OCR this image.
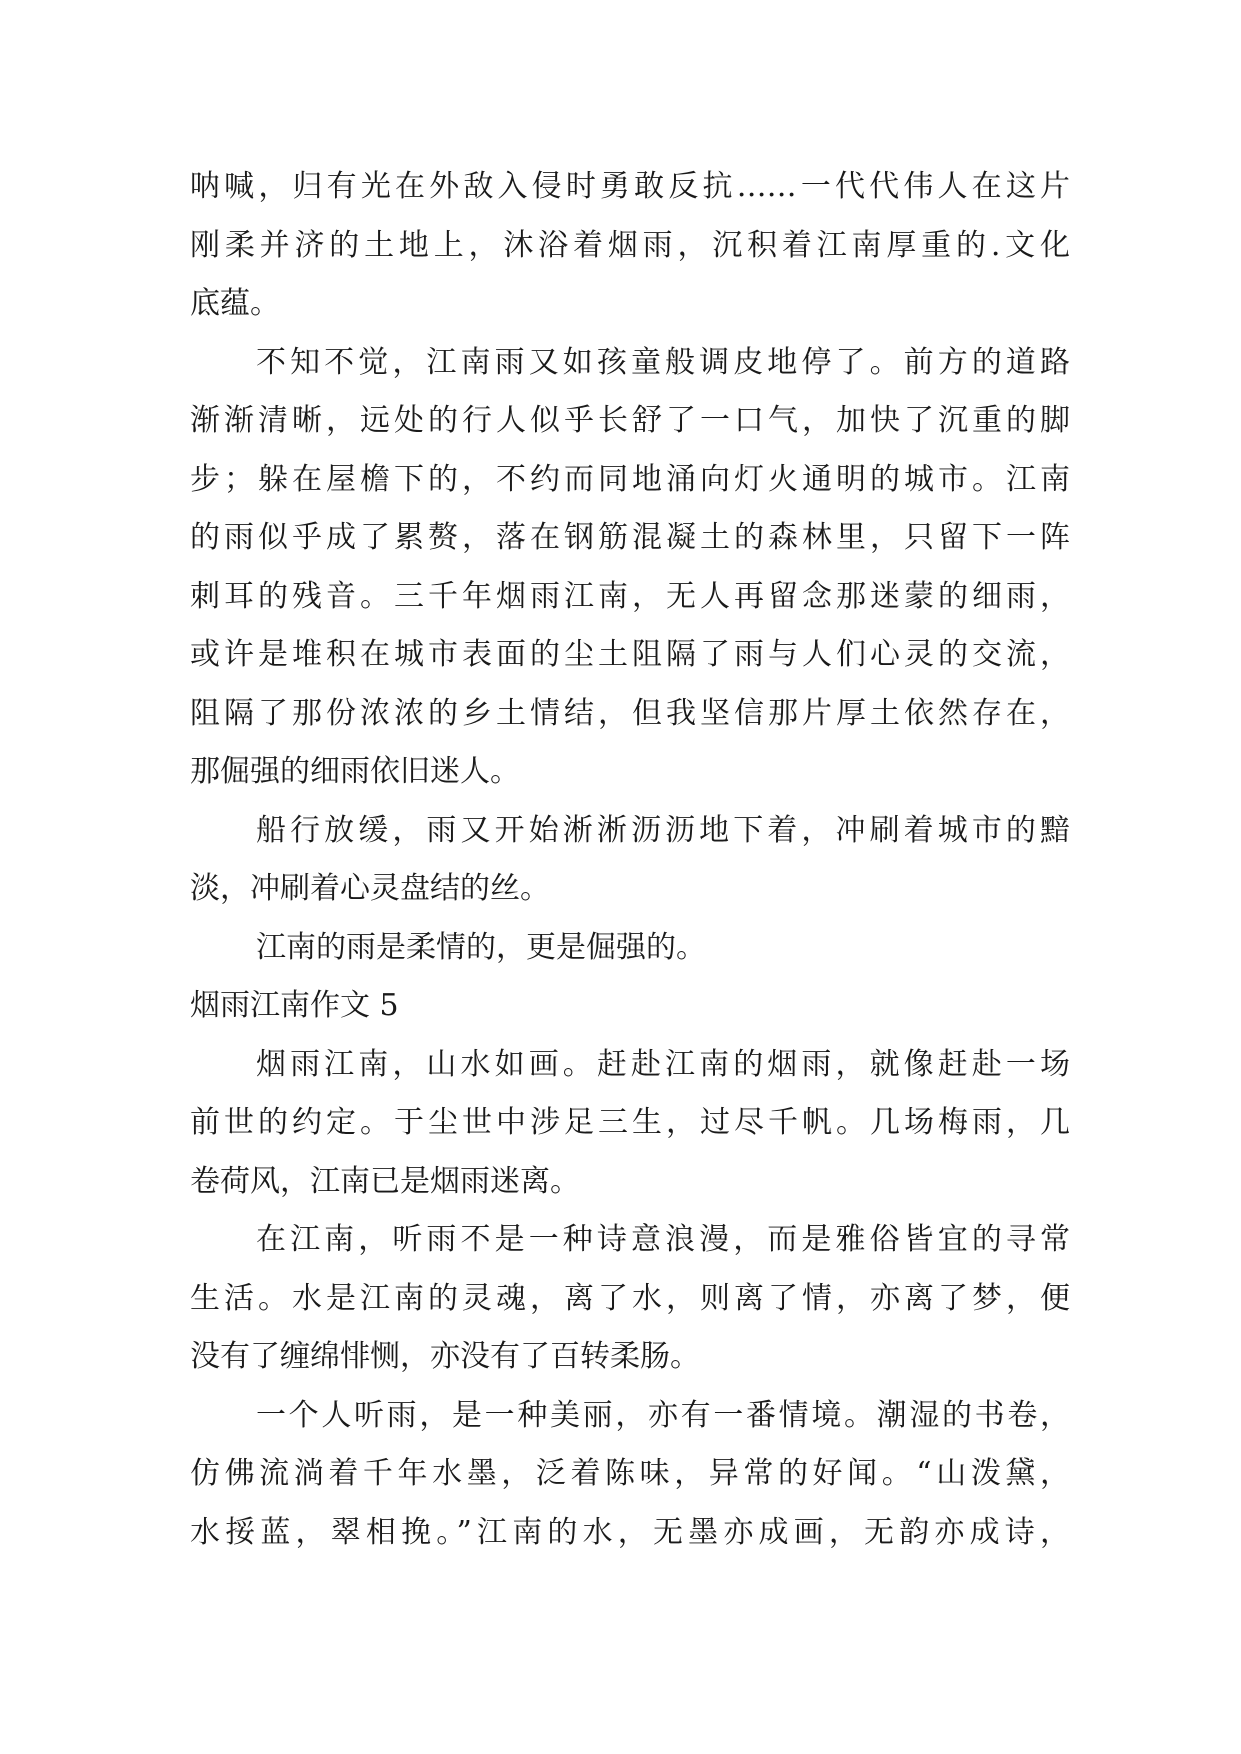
呐喊，归有光在外敌入侵时勇敢反抗……一代代伟人在这片
刚柔并济的土地上，沐浴着烟雨，沉积着江南厚重的.文化
底蕴。
不知不觉，江南雨又如孩童般调皮地停了。前方的道路
渐渐清晰，远处的行人似乎长舒了一口气，加快了沉重的脚
步；躲在屋檐下的，不约而同地涌向灯火通明的城市。江南
的雨似乎成了累赘，落在钢筋混凝土的森林里，只留下一阵
刺耳的残音。三千年烟雨江南，无人再留念那迷蒙的细雨，
或许是堆积在城市表面的尘土阻隔了雨与人们心灵的交流，
阻隔了那份浓浓的乡土情结，但我坚信那片厚土依然存在，
那倔强的细雨依旧迷人。
船行放缓，雨又开始淅淅沥沥地下着，冲刷着城市的黯
淡，冲刷着心灵盘结的丝。
江南的雨是柔情的，更是倔强的。
烟雨江南作文 5
烟雨江南，山水如画。赶赴江南的烟雨，就像赶赴一场
前世的约定。于尘世中涉足三生，过尽千帆。几场梅雨，几
卷荷风，江南已是烟雨迷离。
在江南，听雨不是一种诗意浪漫，而是雅俗皆宜的寻常
生活。水是江南的灵魂，离了水，则离了情，亦离了梦，便
没有了缠绵悱恻，亦没有了百转柔肠。
一个人听雨，是一种美丽，亦有一番情境。潮湿的书卷，
仿佛流淌着千年水墨，泛着陈味，异常的好闻。“山泼黛，
水挼蓝，翠相挽。”江南的水，无墨亦成画，无韵亦成诗，
